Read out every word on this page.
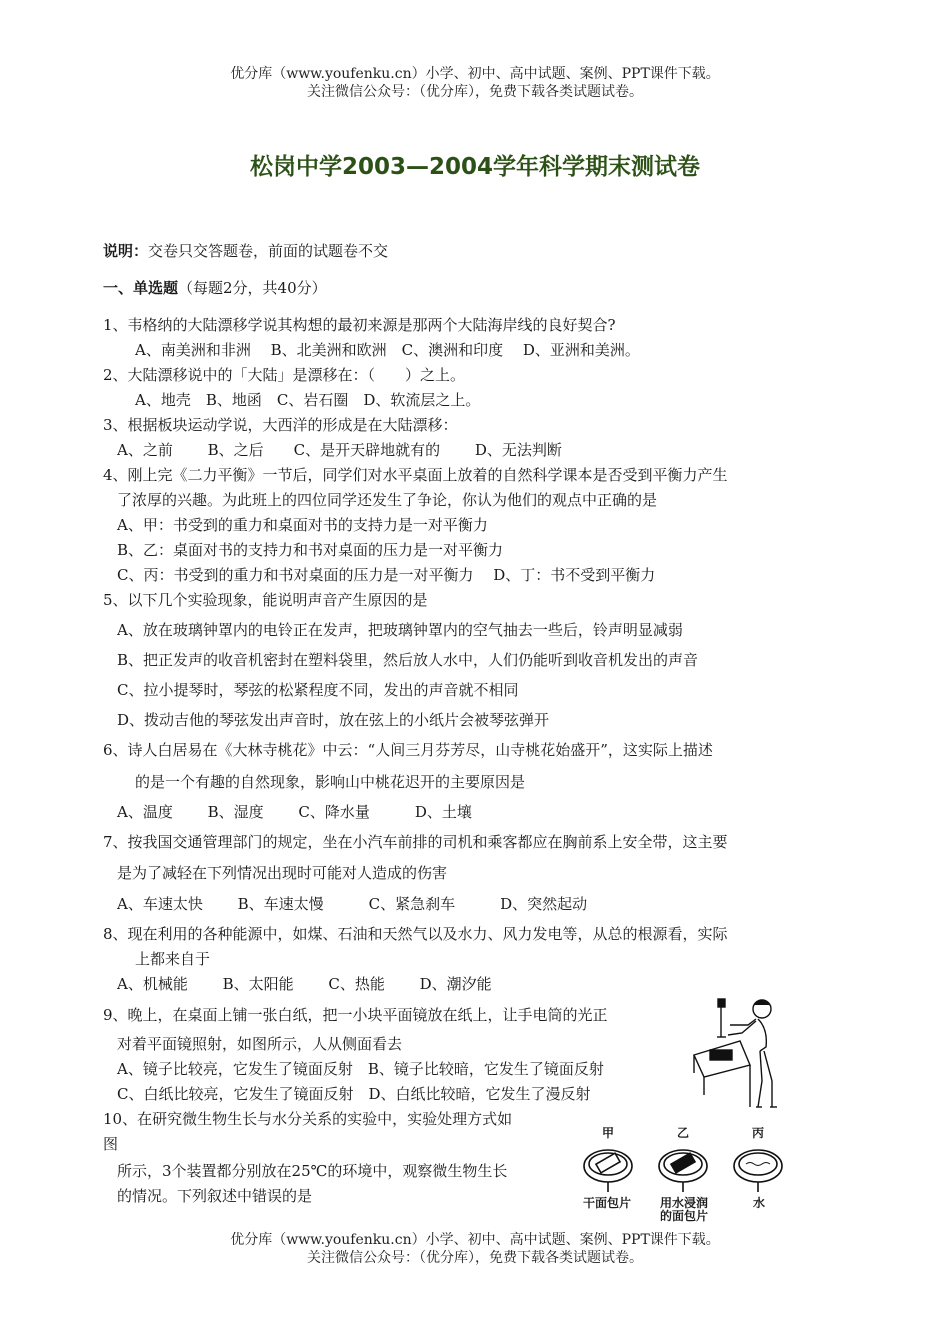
优分库（www.youfenku.cn）小学、初中、高中试题、案例、PPT课件下载。
关注微信公众号：（优分库），免费下载各类试题试卷。
松岗中学2003—2004学年科学期末测试卷
说明：交卷只交答题卷，前面的试题卷不交
一、单选题（每题2分，共40分）
1、韦格纳的大陆漂移学说其构想的最初来源是那两个大陆海岸线的良好契合?
A、南美洲和非洲　 B、北美洲和欧洲　C、澳洲和印度　 D、亚洲和美洲。
2、大陆漂移说中的「大陆」是漂移在：（　　）之上。
A、地壳　B、地函　C、岩石圈　D、软流层之上。
3、根据板块运动学说，大西洋的形成是在大陆漂移：
A、之前　　 B、之后　　C、是开天辟地就有的　　 D、无法判断
4、刚上完《二力平衡》一节后，同学们对水平桌面上放着的自然科学课本是否受到平衡力产生
了浓厚的兴趣。为此班上的四位同学还发生了争论，你认为他们的观点中正确的是
A、甲：书受到的重力和桌面对书的支持力是一对平衡力
B、乙：桌面对书的支持力和书对桌面的压力是一对平衡力
C、丙：书受到的重力和书对桌面的压力是一对平衡力　 D、丁：书不受到平衡力
5、以下几个实验现象，能说明声音产生原因的是
A、放在玻璃钟罩内的电铃正在发声，把玻璃钟罩内的空气抽去一些后，铃声明显减弱
B、把正发声的收音机密封在塑料袋里，然后放人水中，人们仍能听到收音机发出的声音
C、拉小提琴时，琴弦的松紧程度不同，发出的声音就不相同
D、拨动吉他的琴弦发出声音时，放在弦上的小纸片会被琴弦弹开
6、诗人白居易在《大林寺桃花》中云：“人间三月芬芳尽，山寺桃花始盛开”，这实际上描述
的是一个有趣的自然现象，影响山中桃花迟开的主要原因是
A、温度　　 B、湿度　　 C、降水量　　　D、土壤
7、按我国交通管理部门的规定，坐在小汽车前排的司机和乘客都应在胸前系上安全带，这主要
是为了减轻在下列情况出现时可能对人造成的伤害
A、车速太快　　 B、车速太慢　　　C、紧急刹车　　　D、突然起动
8、现在利用的各种能源中，如煤、石油和天然气以及水力、风力发电等，从总的根源看，实际
上都来自于
A、机械能　　 B、太阳能　　 C、热能　　 D、潮汐能
9、晚上，在桌面上铺一张白纸，把一小块平面镜放在纸上，让手电筒的光正
对着平面镜照射，如图所示，人从侧面看去
A、镜子比较亮，它发生了镜面反射　B、镜子比较暗，它发生了镜面反射
C、白纸比较亮，它发生了镜面反射　D、白纸比较暗，它发生了漫反射
10、在研究微生物生长与水分关系的实验中，实验处理方式如
图
所示，3个装置都分别放在25℃的环境中，观察微生物生长
的情况。下列叙述中错误的是
甲	乙	丙
干面包片	用水浸润
的面包片
水
优分库（www.youfenku.cn）小学、初中、高中试题、案例、PPT课件下载。
关注微信公众号：（优分库），免费下载各类试题试卷。
